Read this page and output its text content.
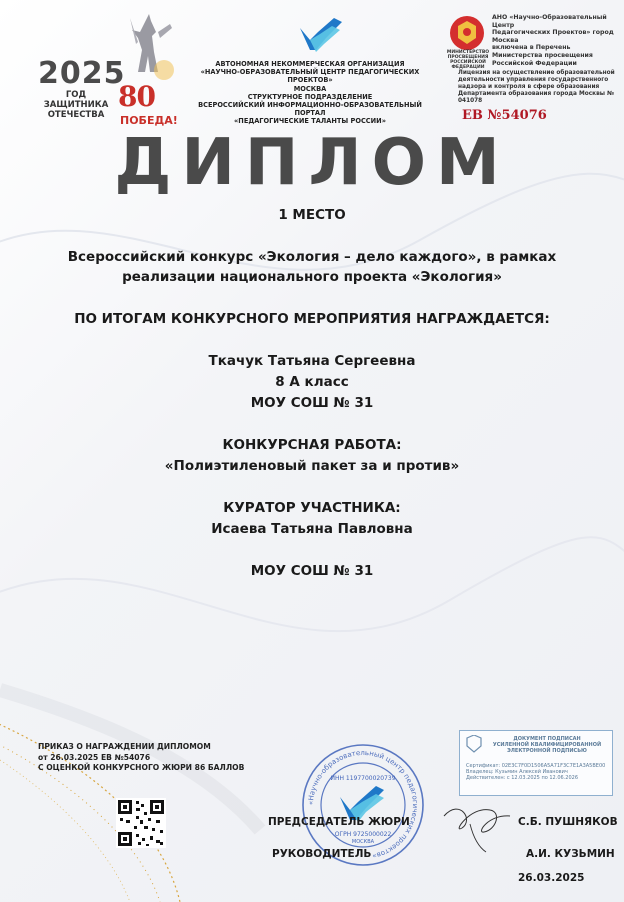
2025
ГОД ЗАЩИТНИКА
ОТЕЧЕСТВА
80
ПОБЕДА!
АВТОНОМНАЯ НЕКОММЕРЧЕСКАЯ ОРГАНИЗАЦИЯ
«НАУЧНО-ОБРАЗОВАТЕЛЬНЫЙ ЦЕНТР ПЕДАГОГИЧЕСКИХ ПРОЕКТОВ»
МОСКВА
СТРУКТУРНОЕ ПОДРАЗДЕЛЕНИЕ
ВСЕРОССИЙСКИЙ ИНФОРМАЦИОННО-ОБРАЗОВАТЕЛЬНЫЙ ПОРТАЛ
«ПЕДАГОГИЧЕСКИЕ ТАЛАНТЫ РОССИИ»
МИНИСТЕРСТВО ПРОСВЕЩЕНИЯ РОССИЙСКОЙ ФЕДЕРАЦИИ
АНО «Научно-Образовательный Центр
Педагогических Проектов» город Москва
включена в Перечень
Министерства просвещения
Российской Федерации
Лицензия на осуществление образовательной
деятельности управления государственного
надзора и контроля в сфере образования
Департамента образования города Москвы № 041078
ЕВ №54076
ДИПЛОМ
1 МЕСТО
Всероссийский конкурс «Экология – дело каждого», в рамках
реализации национального проекта «Экология»
ПО ИТОГАМ КОНКУРСНОГО МЕРОПРИЯТИЯ НАГРАЖДАЕТСЯ:
Ткачук Татьяна Сергеевна
8 А класс
МОУ СОШ № 31
КОНКУРСНАЯ РАБОТА:
«Полиэтиленовый пакет за и против»
КУРАТОР УЧАСТНИКА:
Исаева Татьяна Павловна
МОУ СОШ № 31
ПРИКАЗ О НАГРАЖДЕНИИ ДИПЛОМОМ
от 26.03.2025 ЕВ №54076
С ОЦЕНКОЙ КОНКУРСНОГО ЖЮРИ 86 БАЛЛОВ
«Научно-образовательный центр педагогических проектов»
ИНН 1197700020739
ОГРН 9725000022
МОСКВА
ДОКУМЕНТ ПОДПИСАН
УСИЛЕННОЙ КВАЛИФИЦИРОВАННОЙ
ЭЛЕКТРОННОЙ ПОДПИСЬЮ
Сертификат: 02E3C7F0D1506A5A71F3C7E1A3A5BE00
Владелец: Кузьмин Алексей Иванович
Действителен: с 12.03.2025 по 12.06.2026
ПРЕДСЕДАТЕЛЬ ЖЮРИ	С.Б. ПУШНЯКОВ
РУКОВОДИТЕЛЬ	А.И. КУЗЬМИН
26.03.2025
